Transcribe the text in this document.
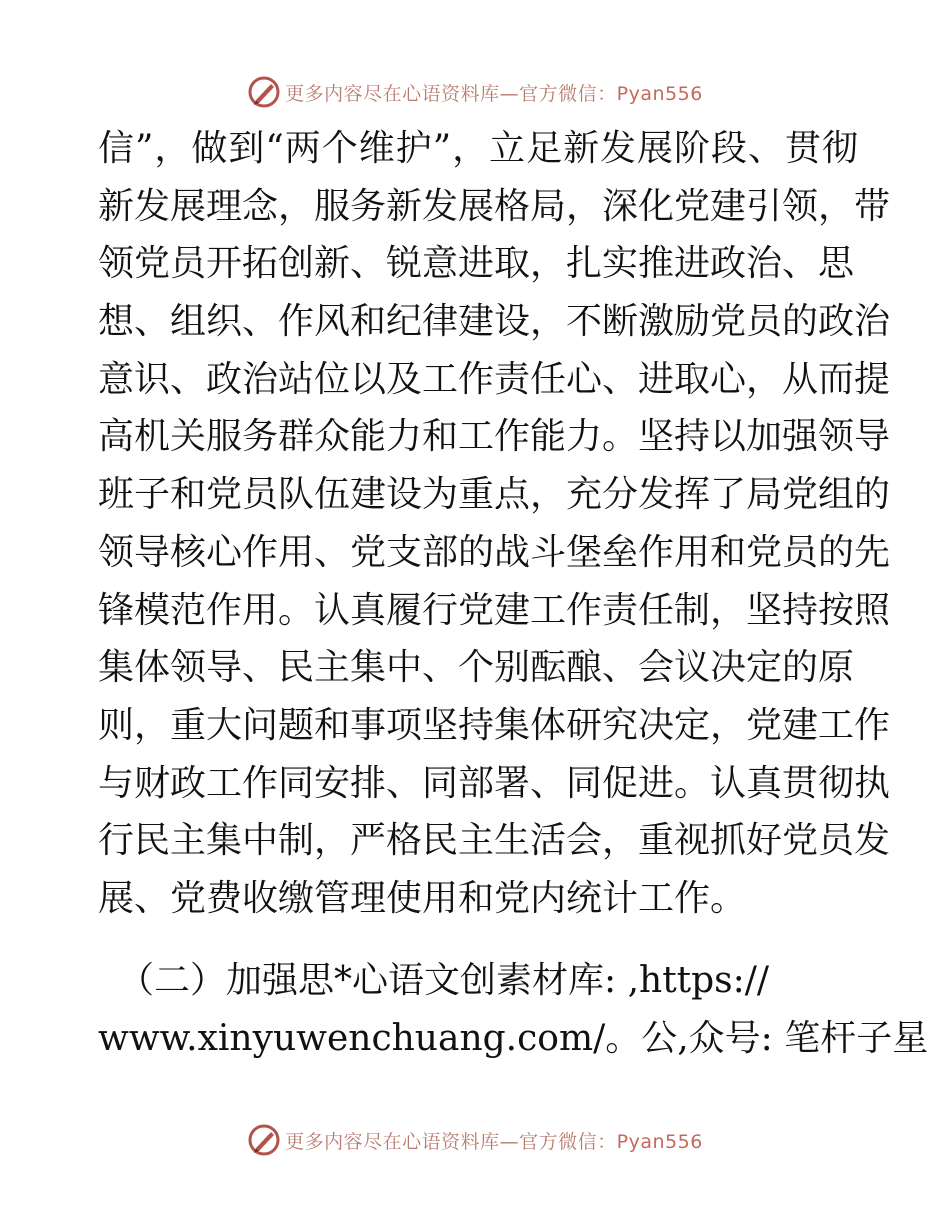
更多内容尽在心语资料库—官方微信：Pyan556
信”，做到“两个维护”，立足新发展阶段、贯彻
新发展理念，服务新发展格局，深化党建引领，带
领党员开拓创新、锐意进取，扎实推进政治、思
想、组织、作风和纪律建设，不断激励党员的政治
意识、政治站位以及工作责任心、进取心，从而提
高机关服务群众能力和工作能力。坚持以加强领导
班子和党员队伍建设为重点，充分发挥了局党组的
领导核心作用、党支部的战斗堡垒作用和党员的先
锋模范作用。认真履行党建工作责任制，坚持按照
集体领导、民主集中、个别酝酿、会议决定的原
则，重大问题和事项坚持集体研究决定，党建工作
与财政工作同安排、同部署、同促进。认真贯彻执
行民主集中制，严格民主生活会，重视抓好党员发
展、党费收缴管理使用和党内统计工作。
（二）加强思*心语文创素材库: ,https://
www.xinyuwenchuang.com/。公,众号: 笔杆子星
更多内容尽在心语资料库—官方微信：Pyan556
